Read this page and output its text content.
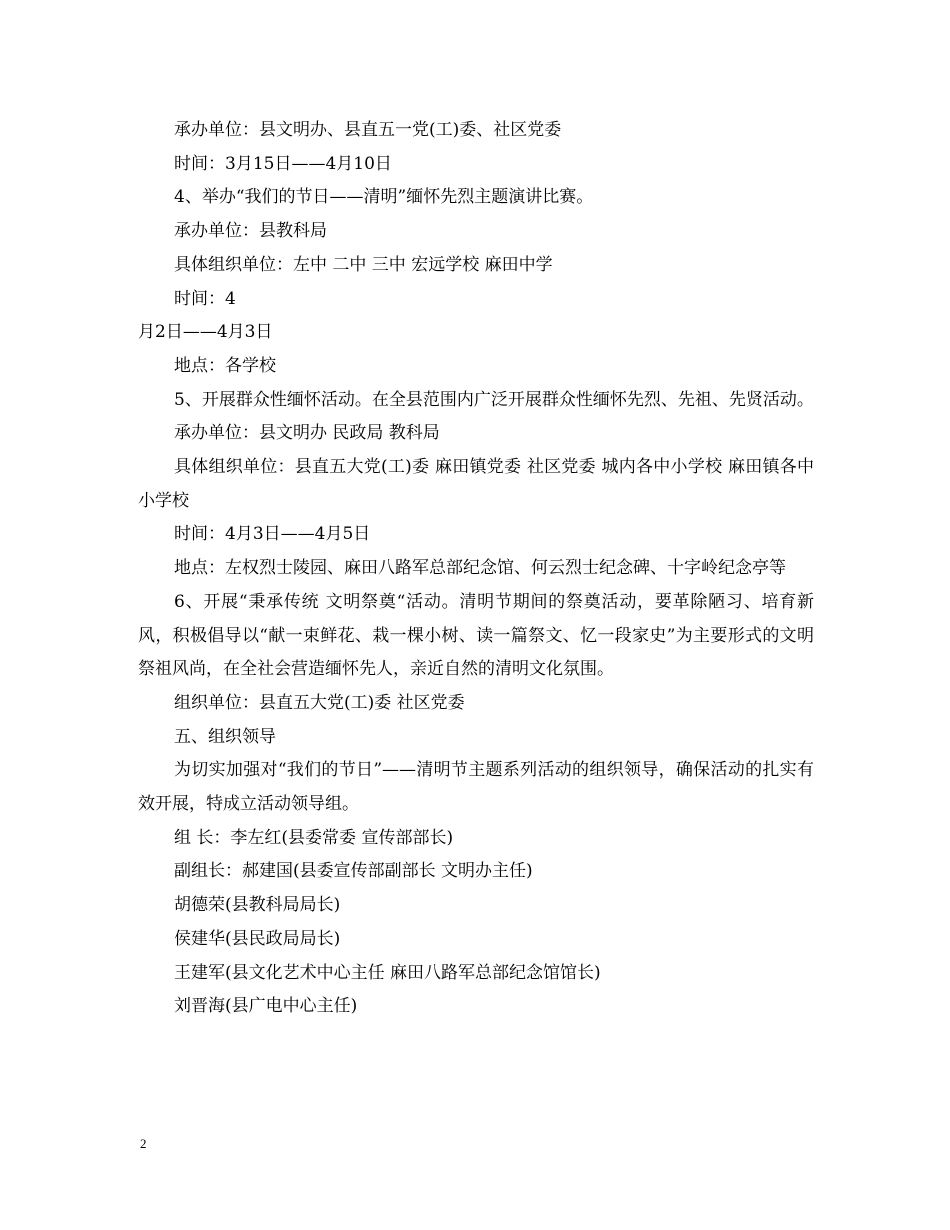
承办单位：县文明办、县直五一党(工)委、社区党委

时间：3月15日——4月10日

4、举办“我们的节日——清明”缅怀先烈主题演讲比赛。

承办单位：县教科局

具体组织单位：左中 二中 三中 宏远学校 麻田中学

时间：4

月2日——4月3日

地点：各学校

5、开展群众性缅怀活动。在全县范围内广泛开展群众性缅怀先烈、先祖、先贤活动。

承办单位：县文明办 民政局 教科局

具体组织单位：县直五大党(工)委 麻田镇党委 社区党委 城内各中小学校 麻田镇各中小学校

时间：4月3日——4月5日

地点：左权烈士陵园、麻田八路军总部纪念馆、何云烈士纪念碑、十字岭纪念亭等

6、开展“秉承传统 文明祭奠“活动。清明节期间的祭奠活动，要革除陋习、培育新风，积极倡导以“献一束鲜花、栽一棵小树、读一篇祭文、忆一段家史”为主要形式的文明祭祖风尚，在全社会营造缅怀先人，亲近自然的清明文化氛围。

组织单位：县直五大党(工)委 社区党委

五、组织领导

为切实加强对“我们的节日”——清明节主题系列活动的组织领导，确保活动的扎实有效开展，特成立活动领导组。

组 长：李左红(县委常委 宣传部部长)

副组长：郝建国(县委宣传部副部长 文明办主任)

胡德荣(县教科局局长)

侯建华(县民政局局长)

王建军(县文化艺术中心主任 麻田八路军总部纪念馆馆长)

刘晋海(县广电中心主任)

2
